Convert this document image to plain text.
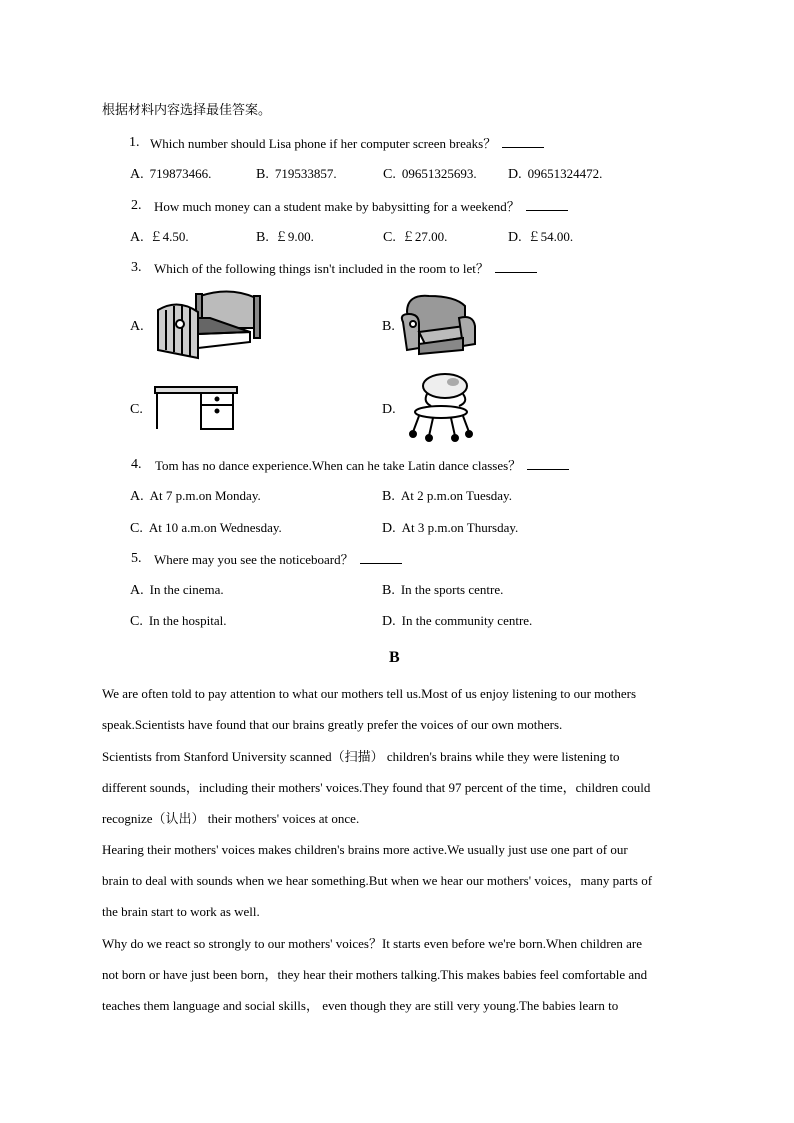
根据材料内容选择最佳答案。
1. Which number should Lisa phone if her computer screen breaks？
A. 719873466.	B. 719533857.	C. 09651325693. D. 09651324472.
2. How much money can a student make by babysitting for a weekend？
A. ￡4.50.	B. ￡9.00.	C. ￡27.00.	D. ￡54.00.
3. Which of the following things isn't included in the room to let？
A.	B.
C.	D.
4. Tom has no dance experience.When can he take Latin dance classes？
A. At 7 p.m.on Monday.	B. At 2 p.m.on Tuesday.
C. At 10 a.m.on Wednesday.	D. At 3 p.m.on Thursday.
5. Where may you see the noticeboard？
A. In the cinema.	B. In the sports centre.
C. In the hospital.	D. In the community centre.
B
We are often told to pay attention to what our mothers tell us.Most of us enjoy listening to our mothers
speak.Scientists have found that our brains greatly prefer the voices of our own mothers.
Scientists from Stanford University scanned（扫描） children's brains while they were listening to
different sounds，including their mothers' voices.They found that 97 percent of the time，children could
recognize（认出） their mothers' voices at once.
Hearing their mothers' voices makes children's brains more active.We usually just use one part of our
brain to deal with sounds when we hear something.But when we hear our mothers' voices，many parts of
the brain start to work as well.
Why do we react so strongly to our mothers' voices？It starts even before we're born.When children are
not born or have just been born，they hear their mothers talking.This makes babies feel comfortable and
teaches them language and social skills， even though they are still very young.The babies learn to
